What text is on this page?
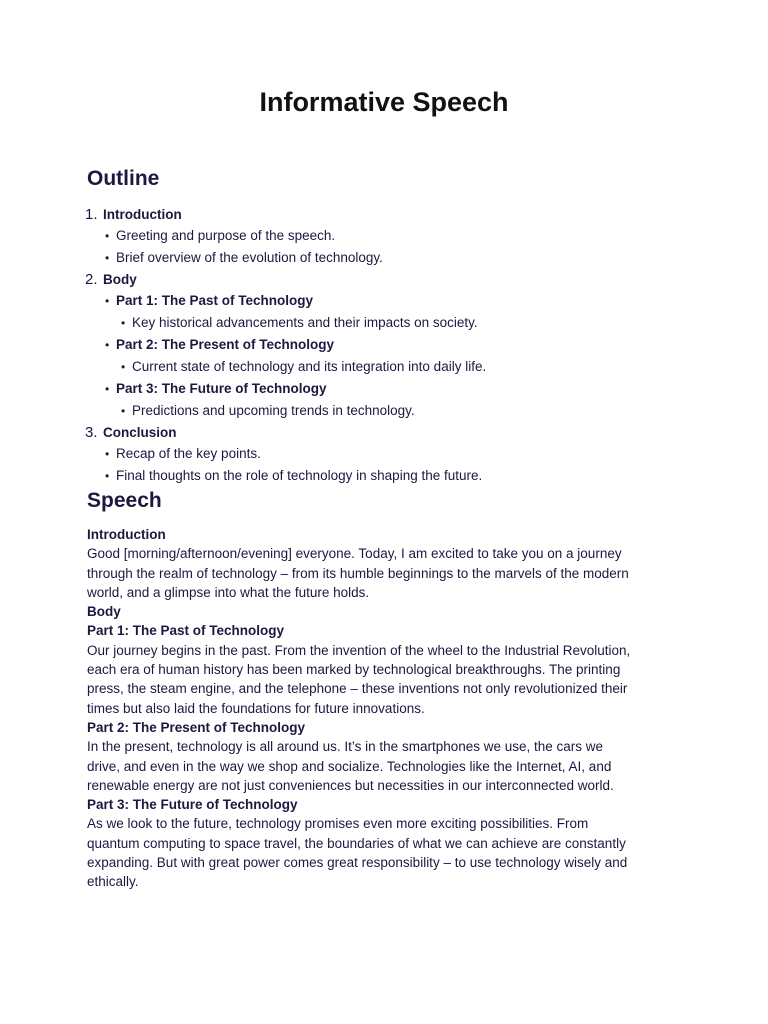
Informative Speech
Outline
1. Introduction
• Greeting and purpose of the speech.
• Brief overview of the evolution of technology.
2. Body
• Part 1: The Past of Technology
• Key historical advancements and their impacts on society.
• Part 2: The Present of Technology
• Current state of technology and its integration into daily life.
• Part 3: The Future of Technology
• Predictions and upcoming trends in technology.
3. Conclusion
• Recap of the key points.
• Final thoughts on the role of technology in shaping the future.
Speech

Introduction

Good [morning/afternoon/evening] everyone. Today, I am excited to take you on a journey
through the realm of technology – from its humble beginnings to the marvels of the modern
world, and a glimpse into what the future holds.

Body

Part 1: The Past of Technology

Our journey begins in the past. From the invention of the wheel to the Industrial Revolution,
each era of human history has been marked by technological breakthroughs. The printing
press, the steam engine, and the telephone – these inventions not only revolutionized their
times but also laid the foundations for future innovations.

Part 2: The Present of Technology

In the present, technology is all around us. It’s in the smartphones we use, the cars we
drive, and even in the way we shop and socialize. Technologies like the Internet, AI, and
renewable energy are not just conveniences but necessities in our interconnected world.

Part 3: The Future of Technology

As we look to the future, technology promises even more exciting possibilities. From
quantum computing to space travel, the boundaries of what we can achieve are constantly
expanding. But with great power comes great responsibility – to use technology wisely and
ethically.
